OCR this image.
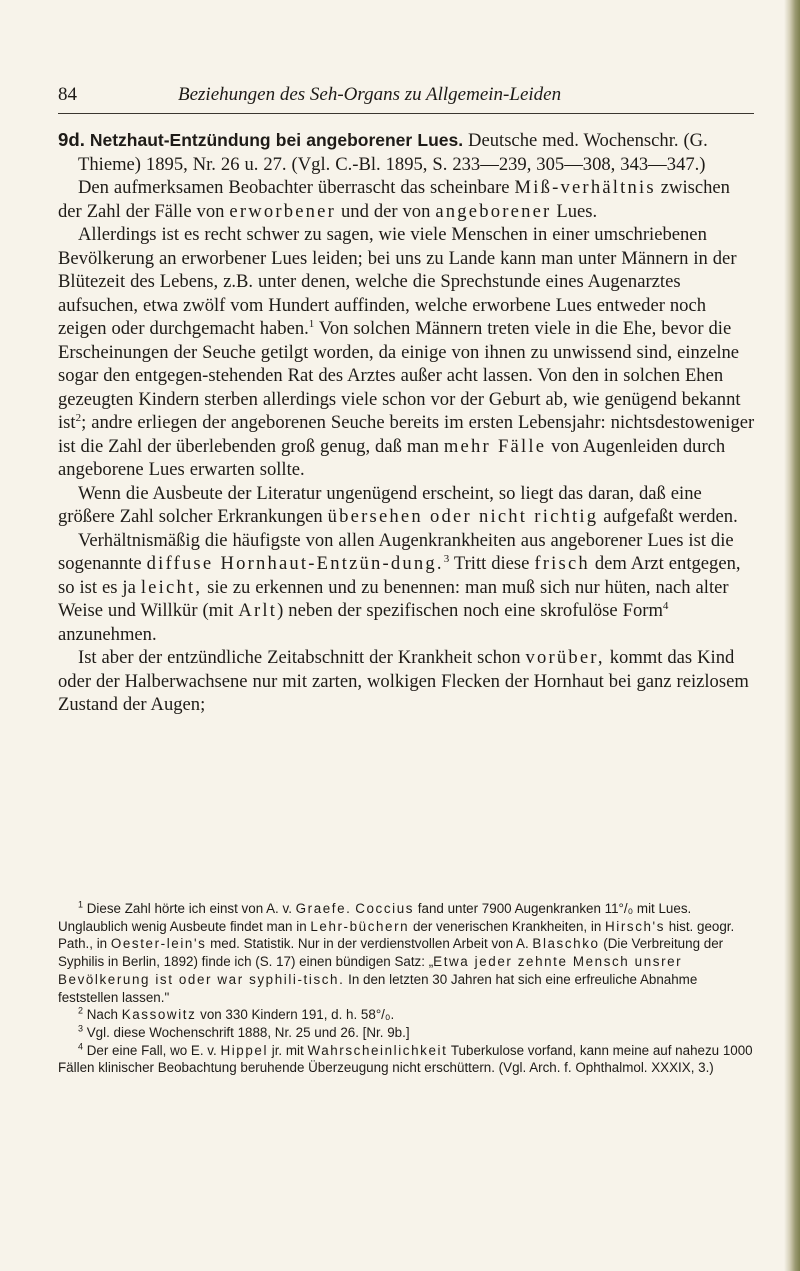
84	Beziehungen des Seh-Organs zu Allgemein-Leiden

9d. Netzhaut-Entzündung bei angeborener Lues. Deutsche med. Wochenschr. (G. Thieme) 1895, Nr. 26 u. 27. (Vgl. C.-Bl. 1895, S. 233—239, 305—308, 343—347.)

Den aufmerksamen Beobachter überrascht das scheinbare Miß-verhältnis zwischen der Zahl der Fälle von erworbener und der von angeborener Lues.

Allerdings ist es recht schwer zu sagen, wie viele Menschen in einer umschriebenen Bevölkerung an erworbener Lues leiden; bei uns zu Lande kann man unter Männern in der Blütezeit des Lebens, z.B. unter denen, welche die Sprechstunde eines Augenarztes aufsuchen, etwa zwölf vom Hundert auffinden, welche erworbene Lues entweder noch zeigen oder durchgemacht haben.$^1$ Von solchen Männern treten viele in die Ehe, bevor die Erscheinungen der Seuche getilgt worden, da einige von ihnen zu unwissend sind, einzelne sogar den entgegen-stehenden Rat des Arztes außer acht lassen. Von den in solchen Ehen gezeugten Kindern sterben allerdings viele schon vor der Geburt ab, wie genügend bekannt ist$^2$; andre erliegen der angeborenen Seuche bereits im ersten Lebensjahr: nichtsdestoweniger ist die Zahl der überlebenden groß genug, daß man mehr Fälle von Augenleiden durch angeborene Lues erwarten sollte.

Wenn die Ausbeute der Literatur ungenügend erscheint, so liegt das daran, daß eine größere Zahl solcher Erkrankungen übersehen oder nicht richtig aufgefaßt werden.

Verhältnismäßig die häufigste von allen Augenkrankheiten aus angeborener Lues ist die sogenannte diffuse Hornhaut-Entzün-dung.$^3$ Tritt diese frisch dem Arzt entgegen, so ist es ja leicht, sie zu erkennen und zu benennen: man muß sich nur hüten, nach alter Weise und Willkür (mit Arlt) neben der spezifischen noch eine skrofulöse Form$^4$ anzunehmen.

Ist aber der entzündliche Zeitabschnitt der Krankheit schon vorüber, kommt das Kind oder der Halberwachsene nur mit zarten, wolkigen Flecken der Hornhaut bei ganz reizlosem Zustand der Augen;

$^1$ Diese Zahl hörte ich einst von A. v. Graefe. Coccius fand unter 7900 Augenkranken 11°/₀ mit Lues. Unglaublich wenig Ausbeute findet man in Lehr-büchern der venerischen Krankheiten, in Hirsch's hist. geogr. Path., in Oester-lein's med. Statistik. Nur in der verdienstvollen Arbeit von A. Blaschko (Die Verbreitung der Syphilis in Berlin, 1892) finde ich (S. 17) einen bündigen Satz: „Etwa jeder zehnte Mensch unsrer Bevölkerung ist oder war syphili-tisch. In den letzten 30 Jahren hat sich eine erfreuliche Abnahme feststellen lassen."

$^2$ Nach Kassowitz von 330 Kindern 191, d. h. 58°/₀.

$^3$ Vgl. diese Wochenschrift 1888, Nr. 25 und 26. [Nr. 9b.]

$^4$ Der eine Fall, wo E. v. Hippel jr. mit Wahrscheinlichkeit Tuberkulose vorfand, kann meine auf nahezu 1000 Fällen klinischer Beobachtung beruhende Überzeugung nicht erschüttern. (Vgl. Arch. f. Ophthalmol. XXXIX, 3.)
